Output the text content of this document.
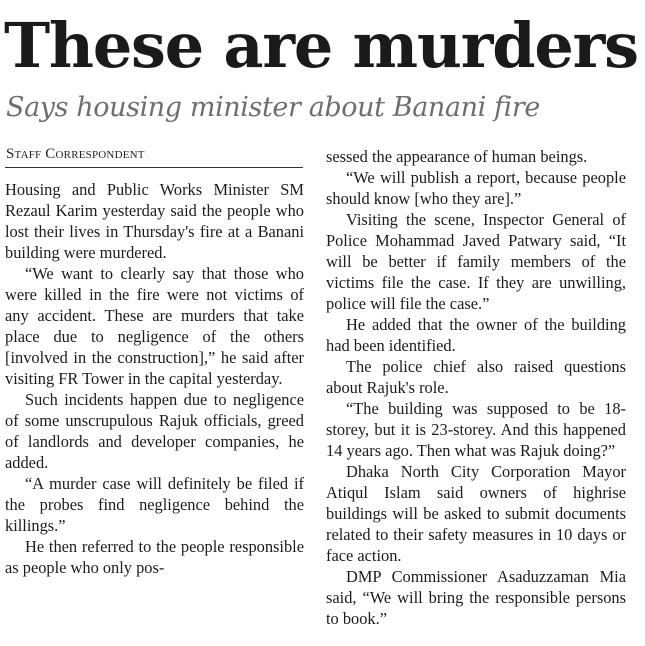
These are murders
Says housing minister about Banani fire
Staff Correspondent

Housing and Public Works Minister SM Rezaul Karim yesterday said the people who lost their lives in Thursday's fire at a Banani building were murdered.

“We want to clearly say that those who were killed in the fire were not victims of any accident. These are murders that take place due to negligence of the others [involved in the construction],” he said after visiting FR Tower in the capital yesterday.

Such incidents happen due to negligence of some unscrupulous Rajuk officials, greed of landlords and developer companies, he added.

“A murder case will definitely be filed if the probes find negligence behind the killings.”

He then referred to the people responsible as people who only pos-

sessed the appearance of human beings.

“We will publish a report, because people should know [who they are].”

Visiting the scene, Inspector General of Police Mohammad Javed Patwary said, “It will be better if family members of the victims file the case. If they are unwilling, police will file the case.”

He added that the owner of the building had been identified.

The police chief also raised questions about Rajuk's role.

“The building was supposed to be 18-storey, but it is 23-storey. And this happened 14 years ago. Then what was Rajuk doing?”

Dhaka North City Corporation Mayor Atiqul Islam said owners of highrise buildings will be asked to submit documents related to their safety measures in 10 days or face action.

DMP Commissioner Asaduzzaman Mia said, “We will bring the responsible persons to book.”
